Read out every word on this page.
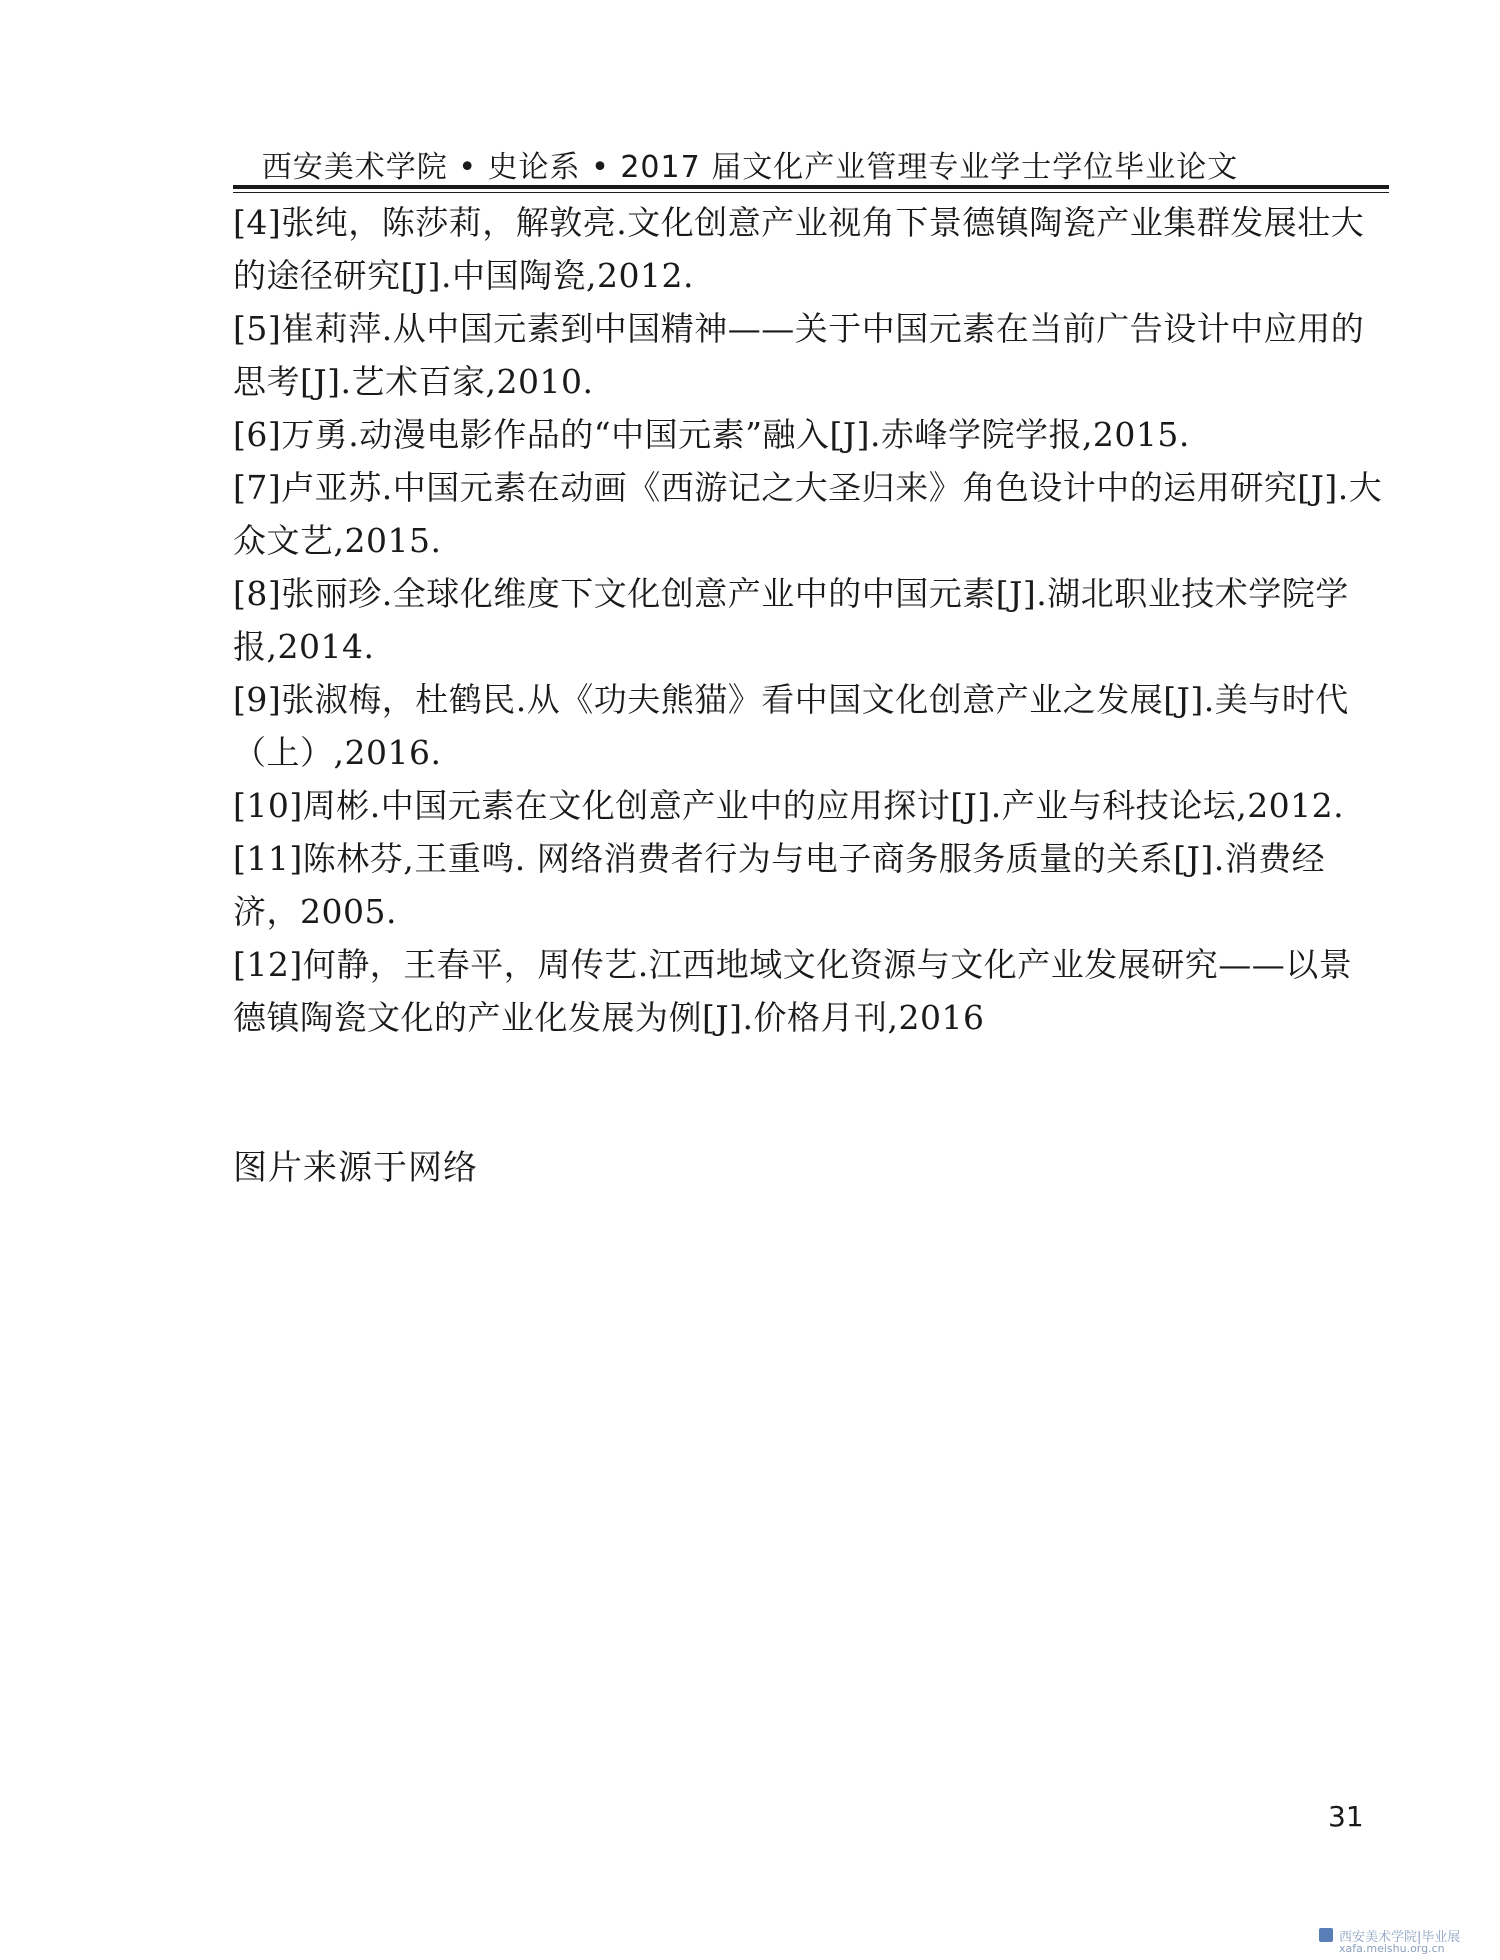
西安美术学院 • 史论系 • 2017 届文化产业管理专业学士学位毕业论文

[4]张纯，陈莎莉，解敦亮.文化创意产业视角下景德镇陶瓷产业集群发展壮大的途径研究[J].中国陶瓷,2012.

[5]崔莉萍.从中国元素到中国精神——关于中国元素在当前广告设计中应用的思考[J].艺术百家,2010.

[6]万勇.动漫电影作品的“中国元素”融入[J].赤峰学院学报,2015.

[7]卢亚苏.中国元素在动画《西游记之大圣归来》角色设计中的运用研究[J].大众文艺,2015.

[8]张丽珍.全球化维度下文化创意产业中的中国元素[J].湖北职业技术学院学报,2014.

[9]张淑梅，杜鹤民.从《功夫熊猫》看中国文化创意产业之发展[J].美与时代（上）,2016.

[10]周彬.中国元素在文化创意产业中的应用探讨[J].产业与科技论坛,2012.

[11]陈林芬,王重鸣. 网络消费者行为与电子商务服务质量的关系[J].消费经济，2005.

[12]何静，王春平，周传艺.江西地域文化资源与文化产业发展研究——以景德镇陶瓷文化的产业化发展为例[J].价格月刊,2016

图片来源于网络
31
西安美术学院|毕业展
xafa.meishu.org.cn
